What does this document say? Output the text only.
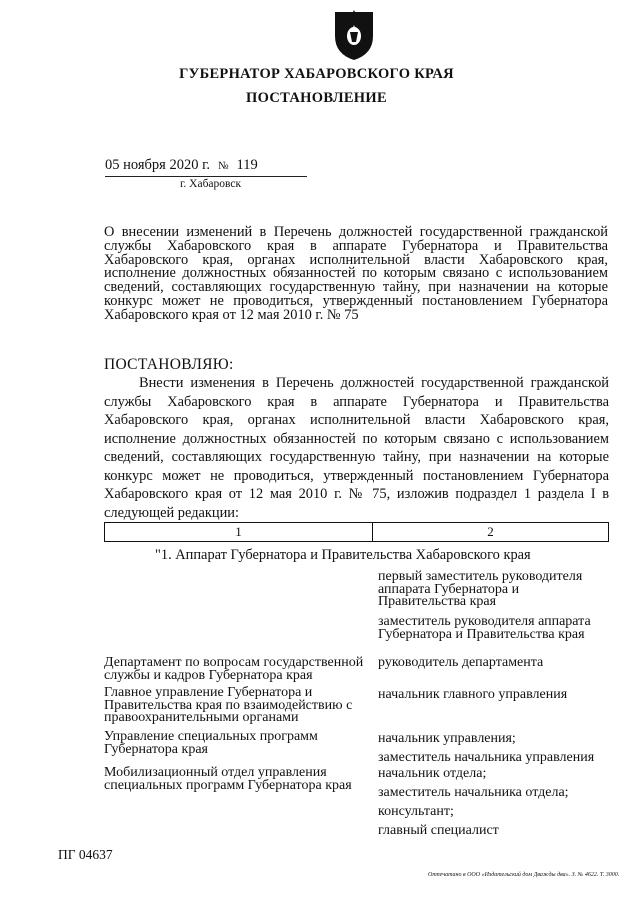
ГУБЕРНАТОР ХАБАРОВСКОГО КРАЯ
ПОСТАНОВЛЕНИЕ
05 ноября 2020 г. № 119
г. Хабаровск
О внесении изменений в Перечень должностей государственной гражданской службы Хабаровского края в аппарате Губернатора и Правительства Хабаровского края, органах исполнительной власти Хабаровского края, исполнение должностных обязанностей по которым связано с использованием сведений, составляющих государственную тайну, при назначении на которые конкурс может не проводиться, утвержденный постановлением Губернатора Хабаровского края от 12 мая 2010 г. № 75
ПОСТАНОВЛЯЮ:
Внести изменения в Перечень должностей государственной гражданской службы Хабаровского края в аппарате Губернатора и Правительства Хабаровского края, органах исполнительной власти Хабаровского края, исполнение должностных обязанностей по которым связано с использованием сведений, составляющих государственную тайну, при назначении на которые конкурс может не проводиться, утвержденный постановлением Губернатора Хабаровского края от 12 мая 2010 г. № 75, изложив подраздел 1 раздела I в следующей редакции:
1	2
"1. Аппарат Губернатора и Правительства Хабаровского края
первый заместитель руководителя аппарата Губернатора и Правительства края
заместитель руководителя аппарата Губернатора и Правительства края
Департамент по вопросам государственной службы и кадров Губернатора края
руководитель департамента
Главное управление Губернатора и Правительства края по взаимодействию с правоохранительными органами
начальник главного управления
Управление специальных программ Губернатора края
начальник управления;
заместитель начальника управления
Мобилизационный отдел управления специальных программ Губернатора края
начальник отдела;
заместитель начальника отдела;
консультант;
главный специалист
ПГ 04637
Отпечатано в ООО «Издательский дом Дважды два». З. № 4622. Т. 3000.
